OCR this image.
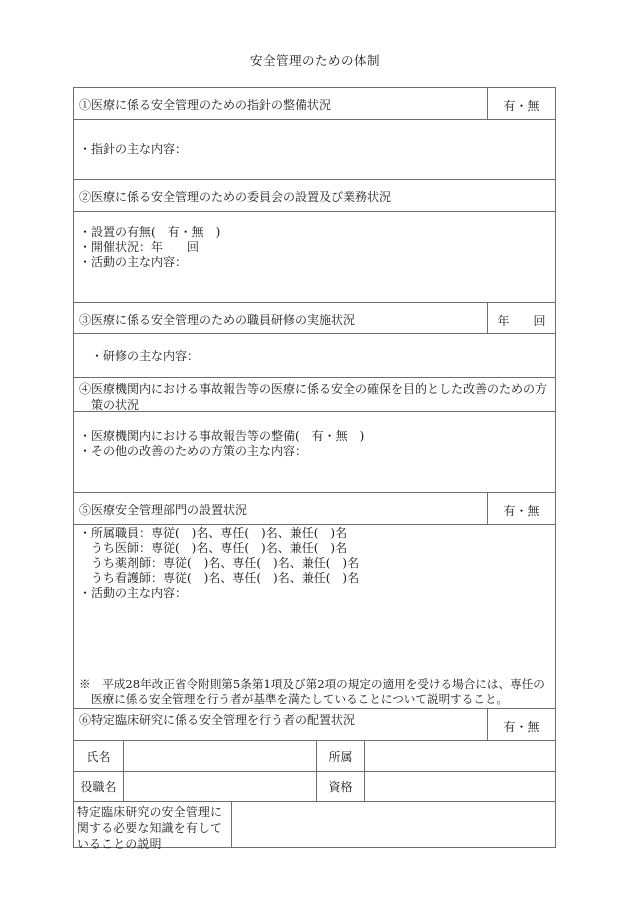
安全管理のための体制
①医療に係る安全管理のための指針の整備状況	有・無
・指針の主な内容：
②医療に係る安全管理のための委員会の設置及び業務状況
・設置の有無(　有・無　)
・開催状況：年　　回
・活動の主な内容：
③医療に係る安全管理のための職員研修の実施状況	年　　回
・研修の主な内容：
④医療機関内における事故報告等の医療に係る安全の確保を目的とした改善のための方
策の状況
・医療機関内における事故報告等の整備(　有・無　)
・その他の改善のための方策の主な内容：
⑤医療安全管理部門の設置状況	有・無
・所属職員：専従(　)名、専任(　)名、兼任(　)名
うち医師：専従(　)名、専任(　)名、兼任(　)名
うち薬剤師：専従(　)名、専任(　)名、兼任(　)名
うち看護師：専従(　)名、専任(　)名、兼任(　)名
・活動の主な内容：
※　平成28年改正省令附則第5条第1項及び第2項の規定の適用を受ける場合には、専任の
医療に係る安全管理を行う者が基準を満たしていることについて説明すること。
⑥特定臨床研究に係る安全管理を行う者の配置状況	有・無
氏名	所属
役職名	資格
特定臨床研究の安全管理に
関する必要な知識を有して
いることの説明
